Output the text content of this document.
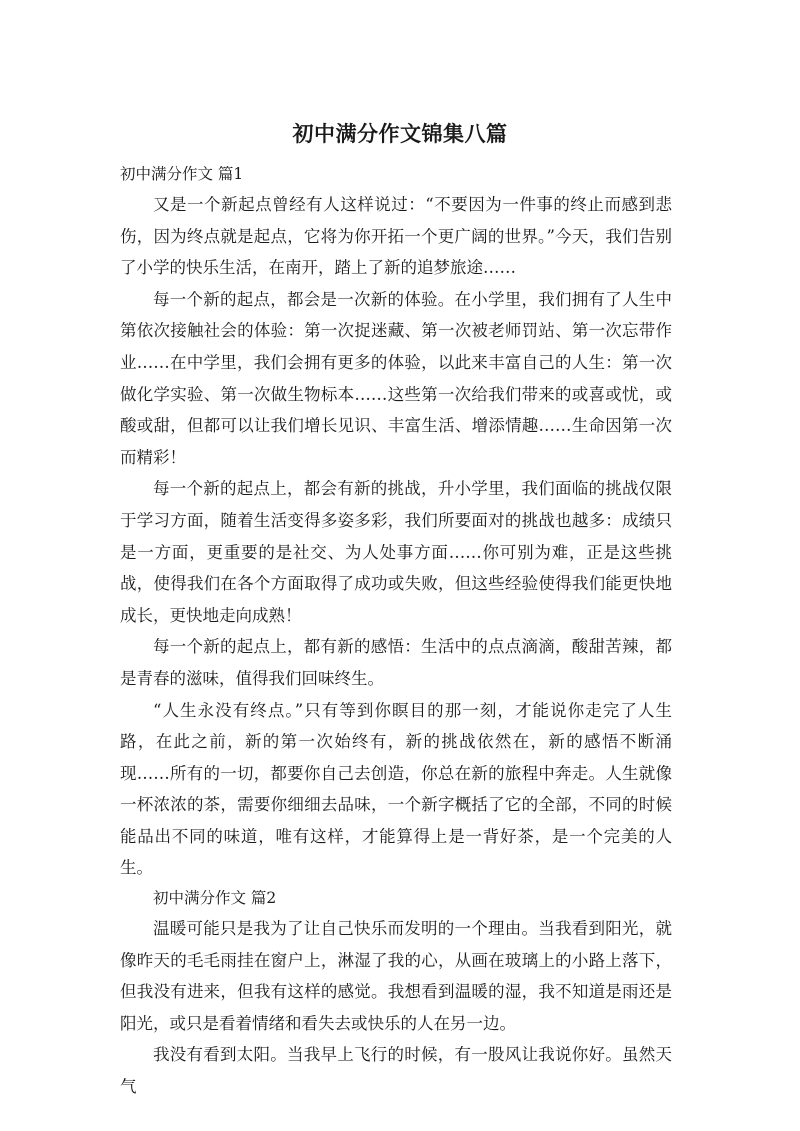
初中满分作文锦集八篇
初中满分作文 篇1

又是一个新起点曾经有人这样说过：“不要因为一件事的终止而感到悲伤，因为终点就是起点，它将为你开拓一个更广阔的世界。”今天，我们告别了小学的快乐生活，在南开，踏上了新的追梦旅途……

每一个新的起点，都会是一次新的体验。在小学里，我们拥有了人生中第依次接触社会的体验：第一次捉迷藏、第一次被老师罚站、第一次忘带作业……在中学里，我们会拥有更多的体验，以此来丰富自己的人生：第一次做化学实验、第一次做生物标本……这些第一次给我们带来的或喜或忧，或酸或甜，但都可以让我们增长见识、丰富生活、增添情趣……生命因第一次而精彩！

每一个新的起点上，都会有新的挑战，升小学里，我们面临的挑战仅限于学习方面，随着生活变得多姿多彩，我们所要面对的挑战也越多：成绩只是一方面，更重要的是社交、为人处事方面……你可别为难，正是这些挑战，使得我们在各个方面取得了成功或失败，但这些经验使得我们能更快地成长，更快地走向成熟！

每一个新的起点上，都有新的感悟：生活中的点点滴滴，酸甜苦辣，都是青春的滋味，值得我们回味终生。

“人生永没有终点。”只有等到你瞑目的那一刻，才能说你走完了人生路，在此之前，新的第一次始终有，新的挑战依然在，新的感悟不断涌现……所有的一切，都要你自己去创造，你总在新的旅程中奔走。人生就像一杯浓浓的茶，需要你细细去品味，一个新字概括了它的全部，不同的时候能品出不同的味道，唯有这样，才能算得上是一背好茶，是一个完美的人生。

初中满分作文 篇2

温暖可能只是我为了让自己快乐而发明的一个理由。当我看到阳光，就像昨天的毛毛雨挂在窗户上，淋湿了我的心，从画在玻璃上的小路上落下，但我没有进来，但我有这样的感觉。我想看到温暖的湿，我不知道是雨还是阳光，或只是看着情绪和看失去或快乐的人在另一边。

我没有看到太阳。当我早上飞行的时候，有一股风让我说你好。虽然天气
